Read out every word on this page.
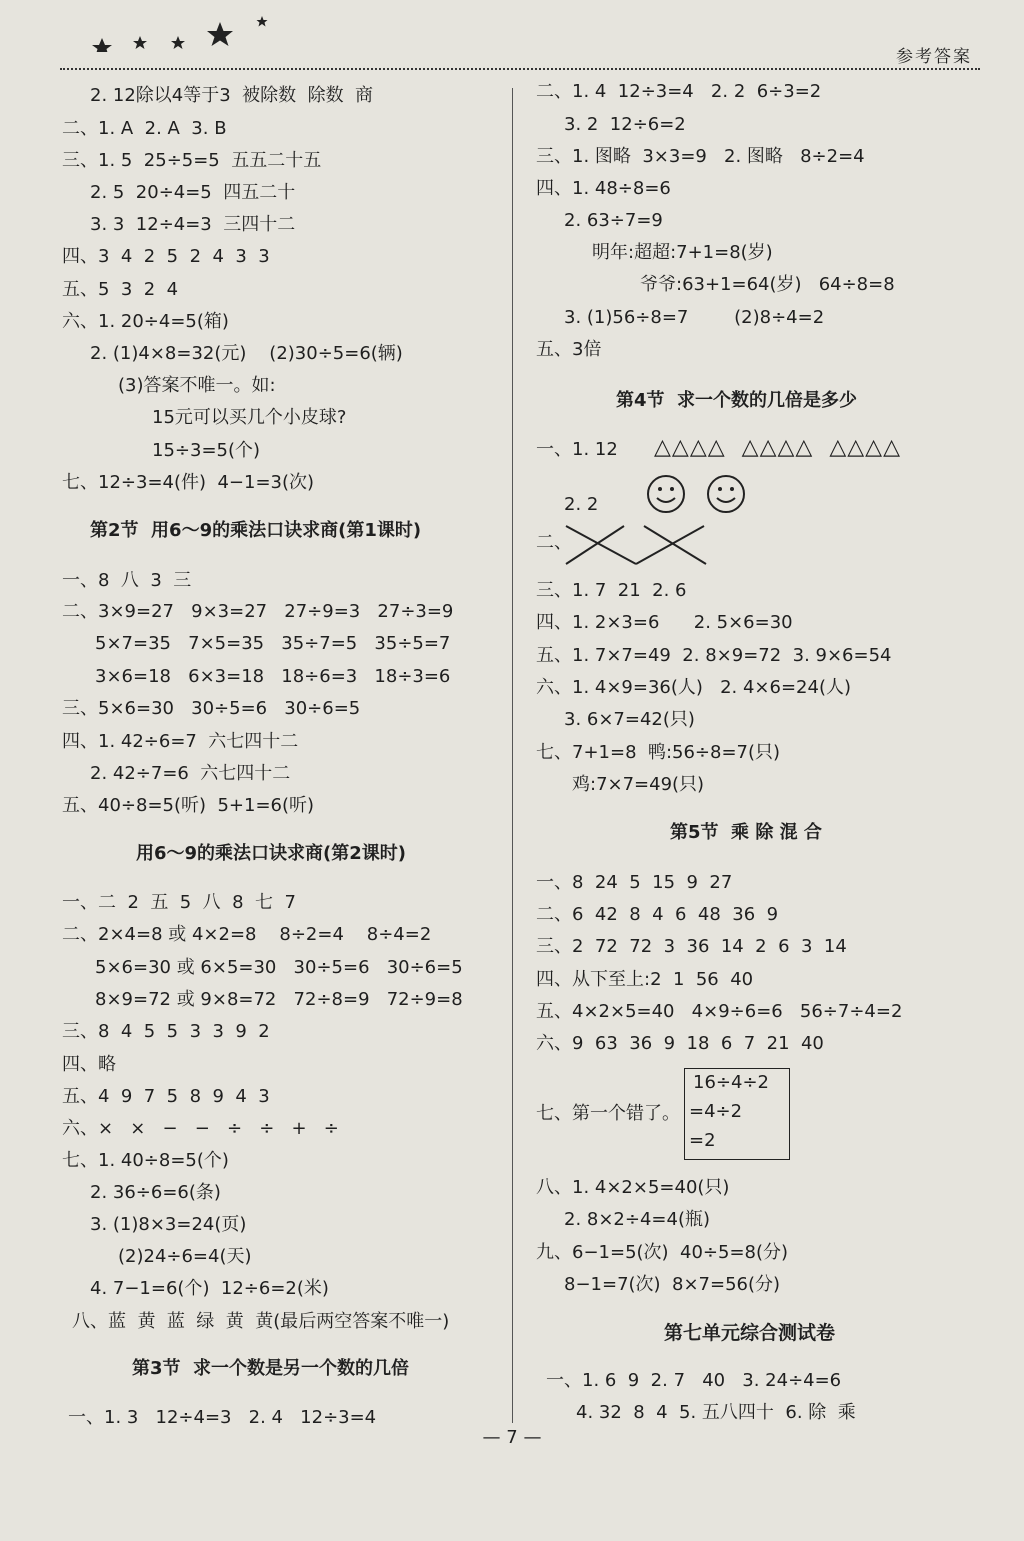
参考答案
2. 12除以4等于3  被除数  除数  商
二、1. A  2. A  3. B
三、1. 5  25÷5=5  五五二十五
2. 5  20÷4=5  四五二十
3. 3  12÷4=3  三四十二
四、3  4  2  5  2  4  3  3
五、5  3  2  4
六、1. 20÷4=5(箱)
2. (1)4×8=32(元)    (2)30÷5=6(辆)
(3)答案不唯一。如:
15元可以买几个小皮球?
15÷3=5(个)
七、12÷3=4(件)  4−1=3(次)
第2节  用6～9的乘法口诀求商(第1课时)
一、8  八  3  三
二、3×9=27   9×3=27   27÷9=3   27÷3=9
5×7=35   7×5=35   35÷7=5   35÷5=7
3×6=18   6×3=18   18÷6=3   18÷3=6
三、5×6=30   30÷5=6   30÷6=5
四、1. 42÷6=7  六七四十二
2. 42÷7=6  六七四十二
五、40÷8=5(听)  5+1=6(听)
用6～9的乘法口诀求商(第2课时)
一、二  2  五  5  八  8  七  7
二、2×4=8 或 4×2=8    8÷2=4    8÷4=2
5×6=30 或 6×5=30   30÷5=6   30÷6=5
8×9=72 或 9×8=72   72÷8=9   72÷9=8
三、8  4  5  5  3  3  9  2
四、略
五、4  9  7  5  8  9  4  3
六、×   ×   −   −   ÷   ÷   +   ÷
七、1. 40÷8=5(个)
2. 36÷6=6(条)
3. (1)8×3=24(页)
(2)24÷6=4(天)
4. 7−1=6(个)  12÷6=2(米)
八、蓝  黄  蓝  绿  黄  黄(最后两空答案不唯一)
第3节  求一个数是另一个数的几倍
一、1. 3   12÷4=3   2. 4   12÷3=4
二、1. 4  12÷3=4   2. 2  6÷3=2
3. 2  12÷6=2
三、1. 图略  3×3=9   2. 图略   8÷2=4
四、1. 48÷8=6
2. 63÷7=9
明年:超超:7+1=8(岁)
爷爷:63+1=64(岁)   64÷8=8
3. (1)56÷8=7        (2)8÷4=2
五、3倍
第4节  求一个数的几倍是多少
一、1. 12 △△△△  △△△△  △△△△
2. 2
二、
三、1. 7  21  2. 6
四、1. 2×3=6      2. 5×6=30
五、1. 7×7=49  2. 8×9=72  3. 9×6=54
六、1. 4×9=36(人)   2. 4×6=24(人)
3. 6×7=42(只)
七、7+1=8  鸭:56÷8=7(只)
鸡:7×7=49(只)
第5节  乘 除 混 合
一、8  24  5  15  9  27
二、6  42  8  4  6  48  36  9
三、2  72  72  3  36  14  2  6  3  14
四、从下至上:2  1  56  40
五、4×2×5=40   4×9÷6=6   56÷7÷4=2
六、9  63  36  9  18  6  7  21  40
七、第一个错了。
16÷4÷2
=4÷2
=2
八、1. 4×2×5=40(只)
2. 8×2÷4=4(瓶)
九、6−1=5(次)  40÷5=8(分)
8−1=7(次)  8×7=56(分)
第七单元综合测试卷
一、1. 6  9  2. 7   40   3. 24÷4=6
4. 32  8  4  5. 五八四十  6. 除  乘
— 7 —
